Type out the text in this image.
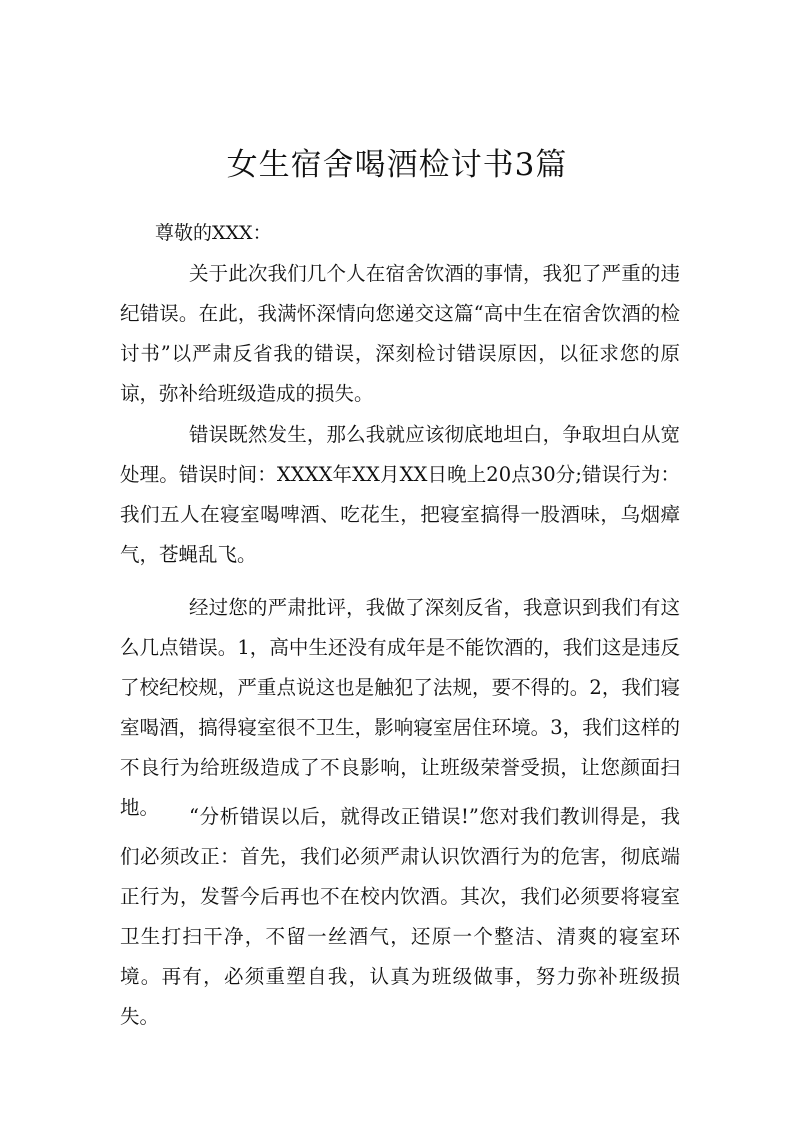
女生宿舍喝酒检讨书3篇

尊敬的XXX：

关于此次我们几个人在宿舍饮酒的事情，我犯了严重的违纪错误。在此，我满怀深情向您递交这篇“高中生在宿舍饮酒的检讨书”以严肃反省我的错误，深刻检讨错误原因，以征求您的原谅，弥补给班级造成的损失。

错误既然发生，那么我就应该彻底地坦白，争取坦白从宽处理。错误时间：XXXX年XX月XX日晚上20点30分;错误行为：我们五人在寝室喝啤酒、吃花生，把寝室搞得一股酒味，乌烟瘴气，苍蝇乱飞。

经过您的严肃批评，我做了深刻反省，我意识到我们有这么几点错误。1，高中生还没有成年是不能饮酒的，我们这是违反了校纪校规，严重点说这也是触犯了法规，要不得的。2，我们寝室喝酒，搞得寝室很不卫生，影响寝室居住环境。3，我们这样的不良行为给班级造成了不良影响，让班级荣誉受损，让您颜面扫地。	“分析错误以后，就得改正错误!”您对我们教训得是，我们必须改正：首先，我们必须严肃认识饮酒行为的危害，彻底端正行为，发誓今后再也不在校内饮酒。其次，我们必须要将寝室卫生打扫干净，不留一丝酒气，还原一个整洁、清爽的寝室环境。再有，必须重塑自我，认真为班级做事，努力弥补班级损失。
